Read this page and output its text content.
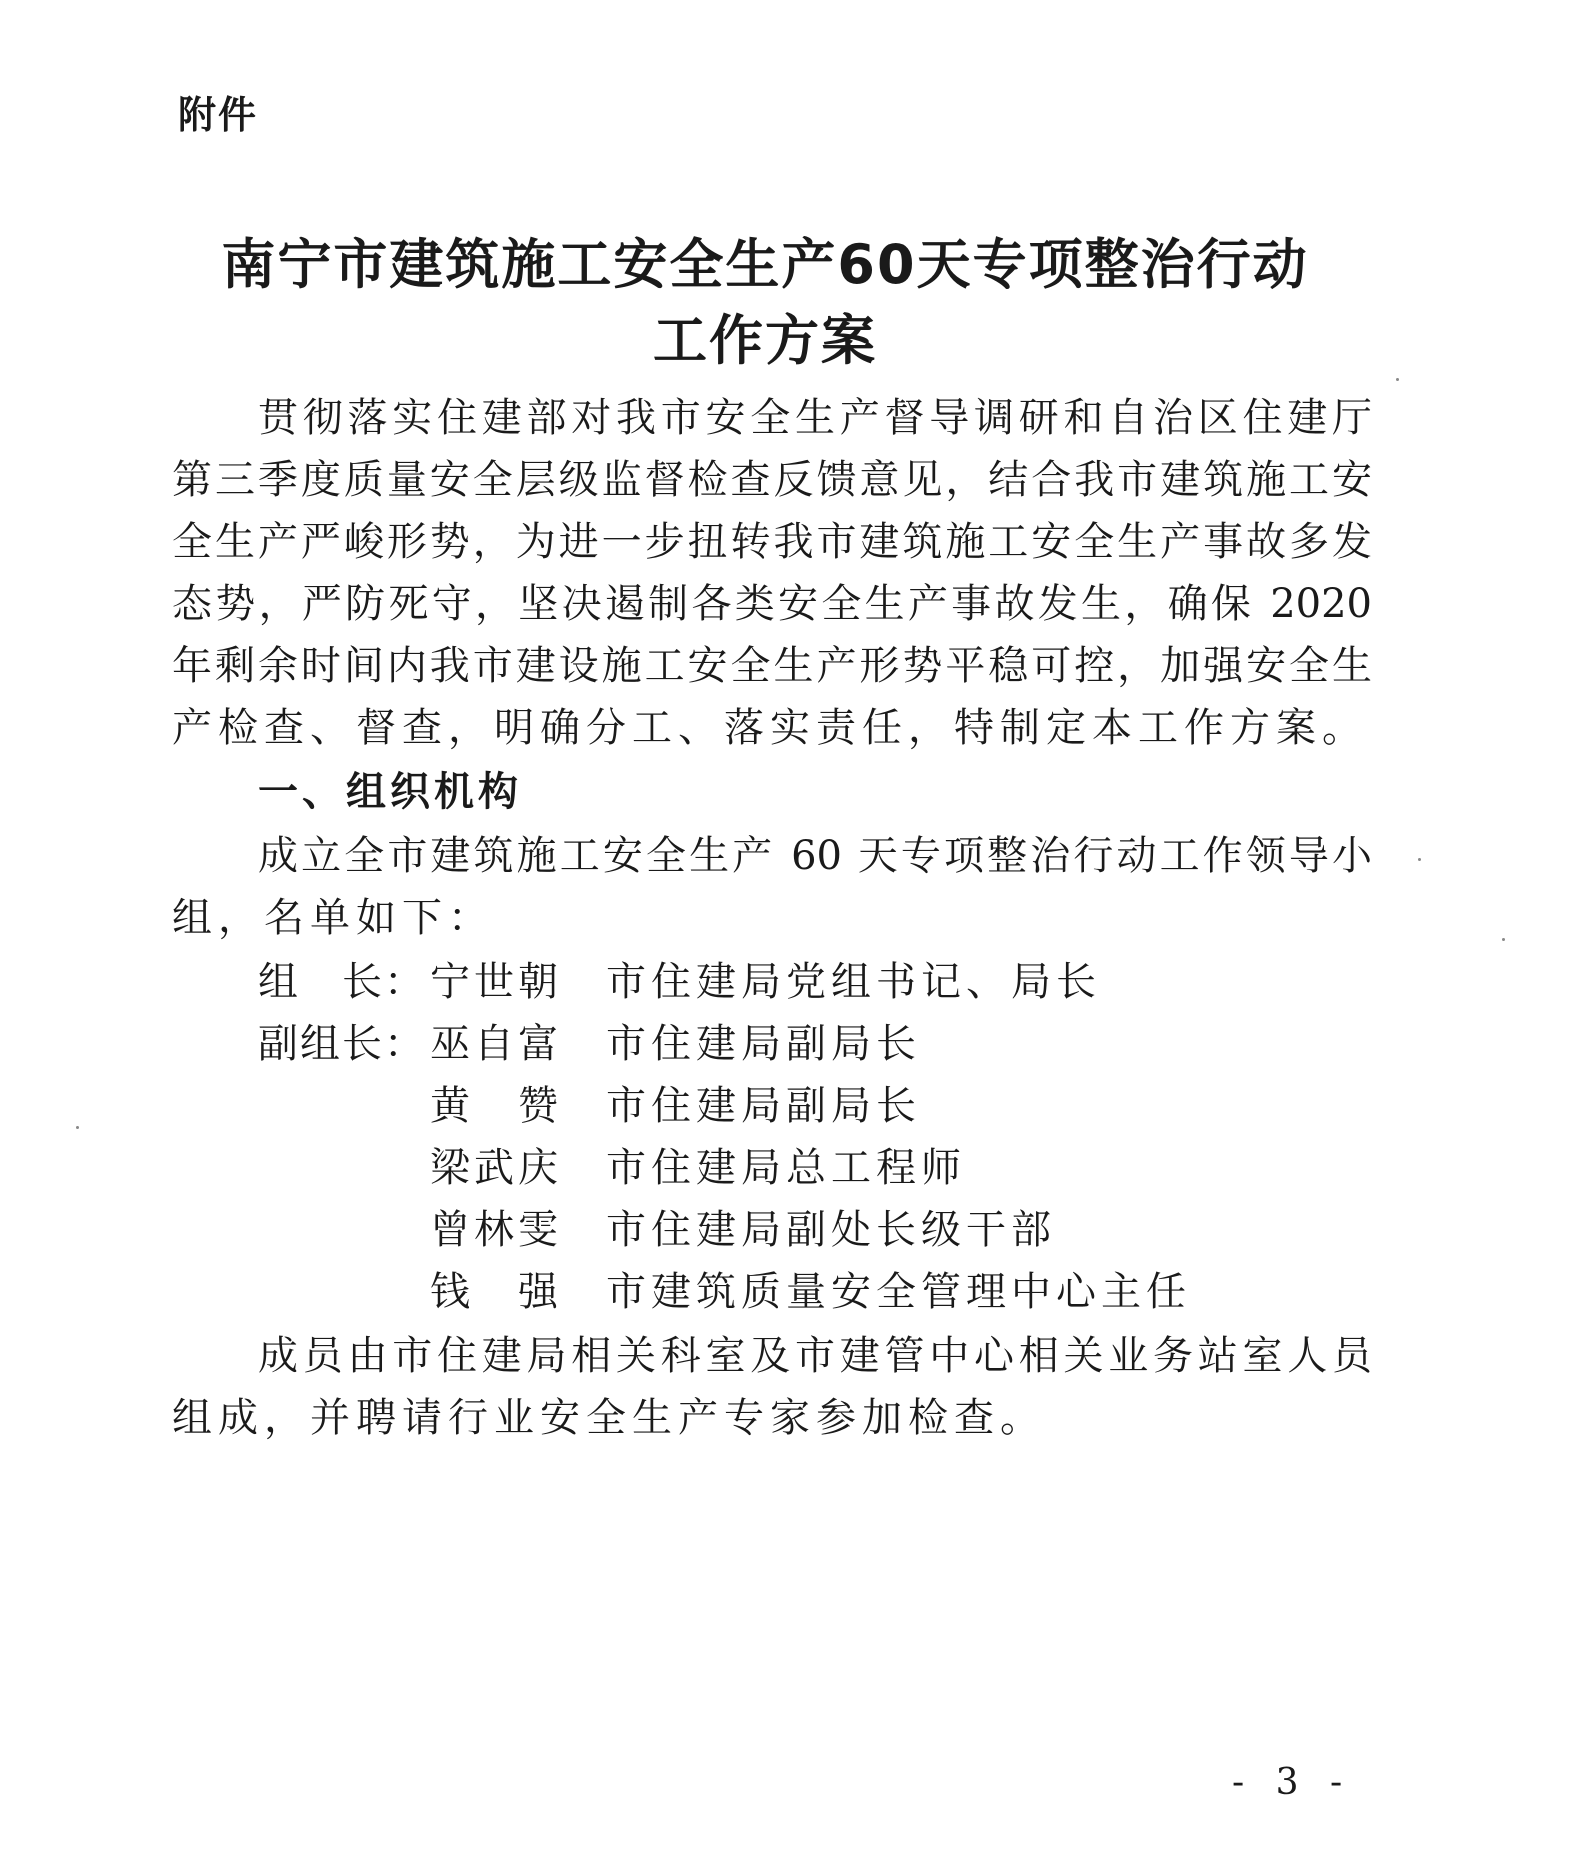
附件
南宁市建筑施工安全生产60天专项整治行动
工作方案
贯彻落实住建部对我市安全生产督导调研和自治区住建厅
第三季度质量安全层级监督检查反馈意见，结合我市建筑施工安
全生产严峻形势，为进一步扭转我市建筑施工安全生产事故多发
态势，严防死守，坚决遏制各类安全生产事故发生，确保 2020
年剩余时间内我市建设施工安全生产形势平稳可控，加强安全生
产检查、督查，明确分工、落实责任，特制定本工作方案。
一、组织机构
成立全市建筑施工安全生产 60 天专项整治行动工作领导小
组，名单如下：
组　长： 宁世朝 市住建局党组书记、局长
副组长： 巫自富 市住建局副局长
黄　赞 市住建局副局长
梁武庆 市住建局总工程师
曾林雯 市住建局副处长级干部
钱　强 市建筑质量安全管理中心主任
成员由市住建局相关科室及市建管中心相关业务站室人员
组成，并聘请行业安全生产专家参加检查。
- 3 -
